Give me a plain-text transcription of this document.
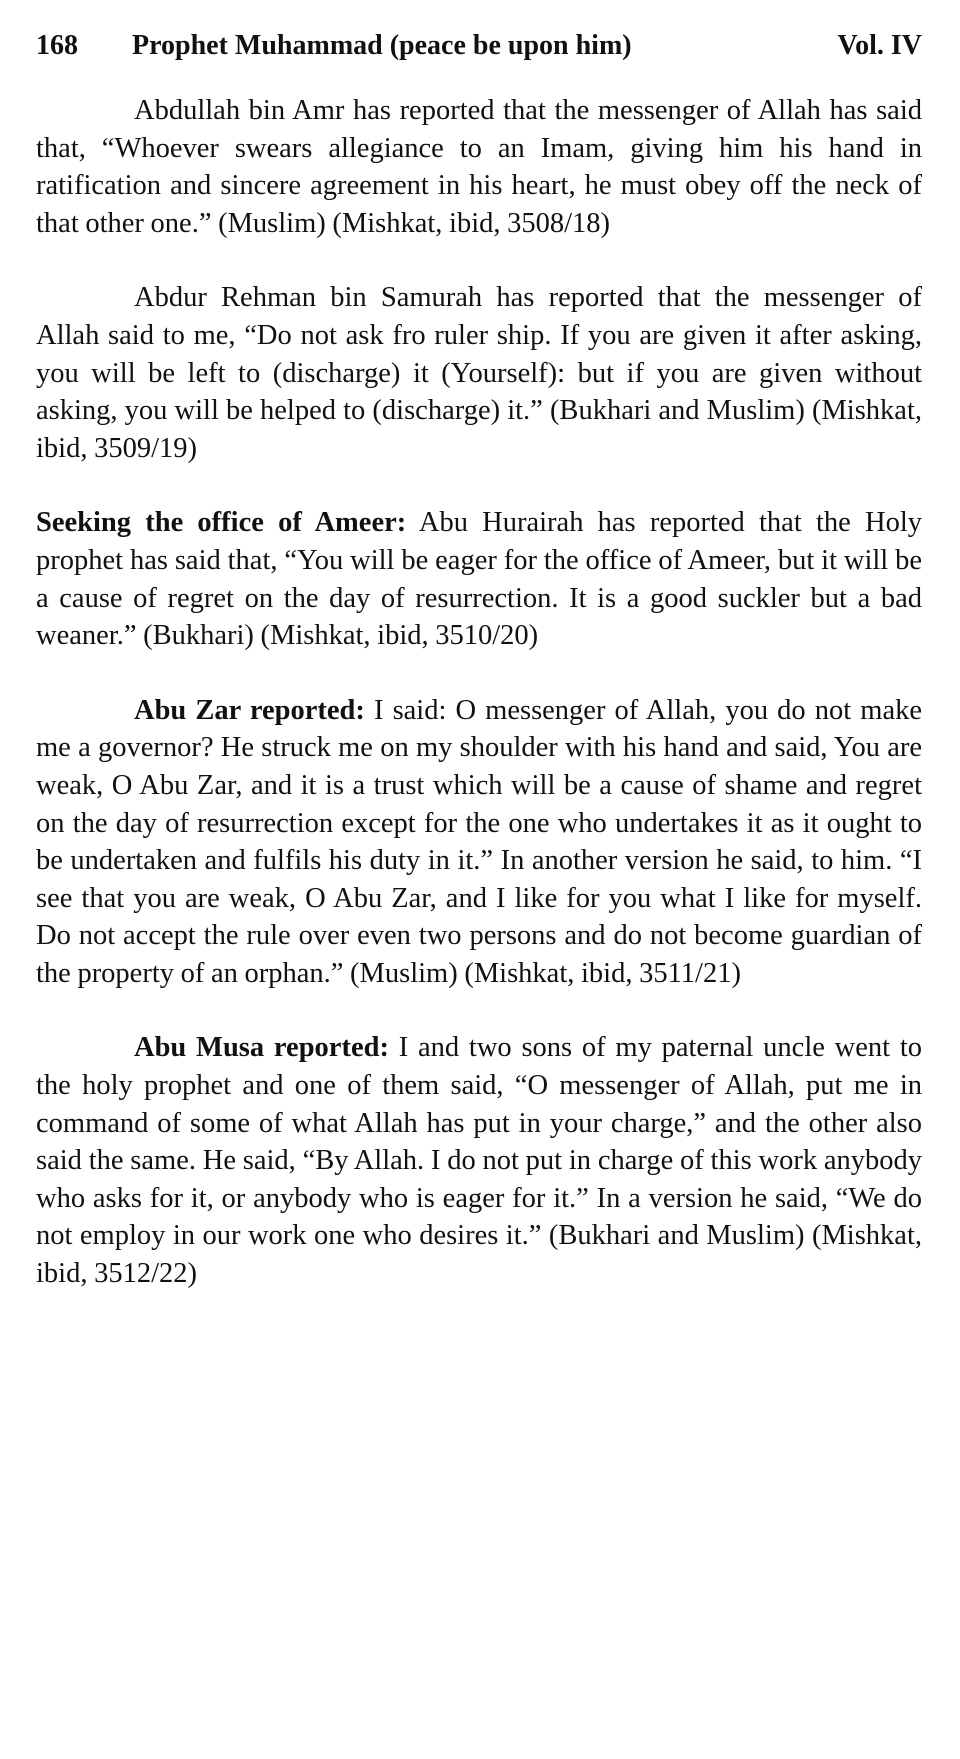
168	Prophet Muhammad (peace be upon him)	Vol. IV

Abdullah bin Amr has reported that the messenger of Allah has said that, “Whoever swears allegiance to an Imam, giving him his hand in ratification and sincere agreement in his heart, he must obey off the neck of that other one.” (Muslim) (Mishkat, ibid, 3508/18)

Abdur Rehman bin Samurah has reported that the messenger of Allah said to me, “Do not ask fro ruler ship. If you are given it after asking, you will be left to (discharge) it (Yourself): but if you are given without asking, you will be helped to (discharge) it.” (Bukhari and Muslim) (Mishkat, ibid, 3509/19)

Seeking the office of Ameer: Abu Hurairah has reported that the Holy prophet has said that, “You will be eager for the office of Ameer, but it will be a cause of regret on the day of resurrection. It is a good suckler but a bad weaner.” (Bukhari) (Mishkat, ibid, 3510/20)

Abu Zar reported: I said: O messenger of Allah, you do not make me a governor? He struck me on my shoulder with his hand and said, You are weak, O Abu Zar, and it is a trust which will be a cause of shame and regret on the day of resurrection except for the one who undertakes it as it ought to be undertaken and fulfils his duty in it.” In another version he said, to him. “I see that you are weak, O Abu Zar, and I like for you what I like for myself. Do not accept the rule over even two persons and do not become guardian of the property of an orphan.” (Muslim) (Mishkat, ibid, 3511/21)

Abu Musa reported: I and two sons of my paternal uncle went to the holy prophet and one of them said, “O messenger of Allah, put me in command of some of what Allah has put in your charge,” and the other also said the same. He said, “By Allah. I do not put in charge of this work anybody who asks for it, or anybody who is eager for it.” In a version he said, “We do not employ in our work one who desires it.” (Bukhari and Muslim) (Mishkat, ibid, 3512/22)
